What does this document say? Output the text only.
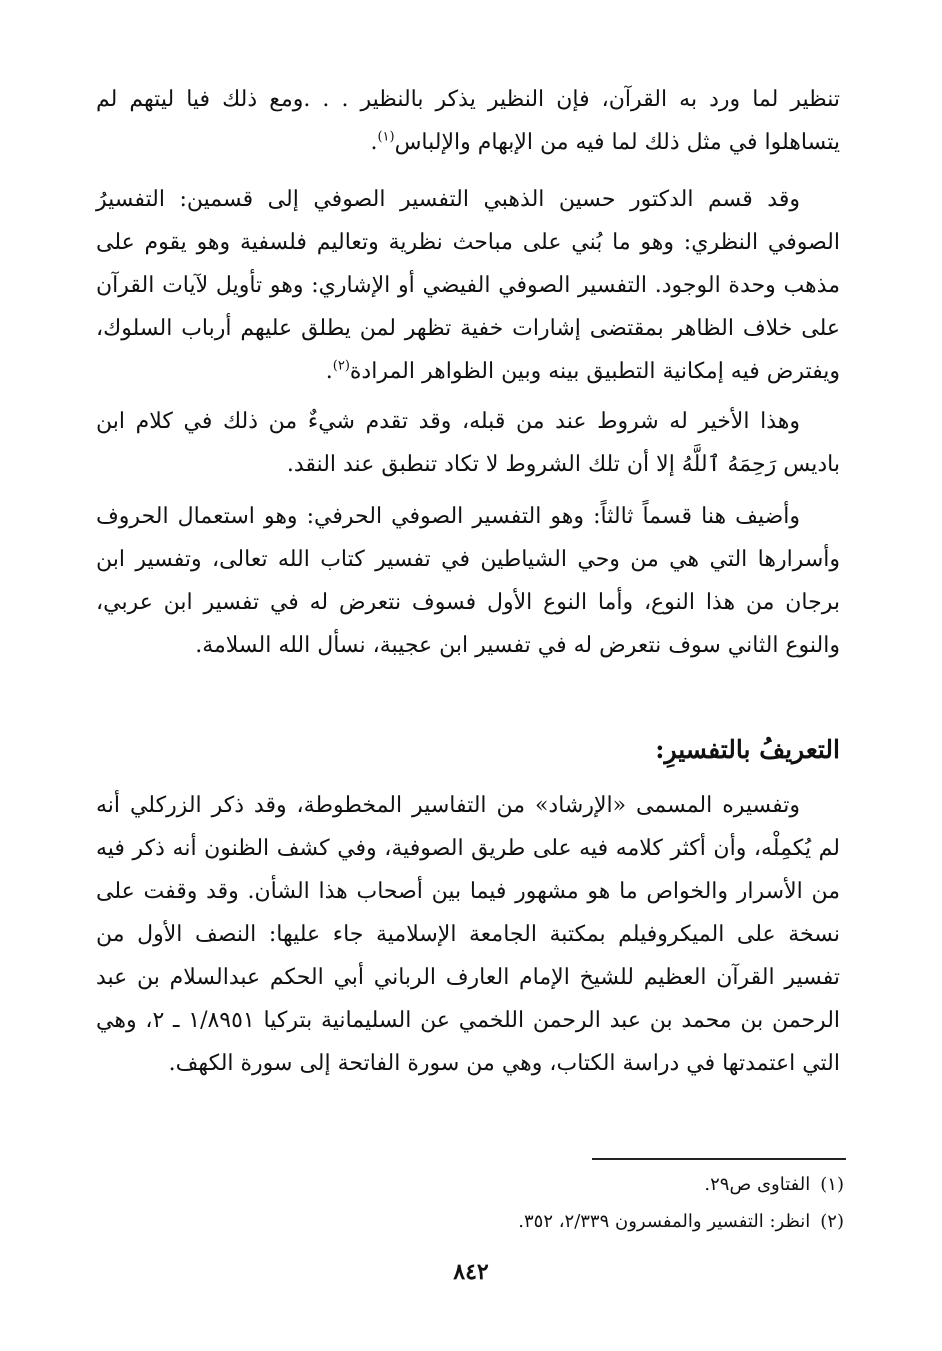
تنظير لما ورد به القرآن، فإن النظير يذكر بالنظير . . .ومع ذلك فيا ليتهم لم يتساهلوا في مثل ذلك لما فيه من الإبهام والإلباس$^{(١)}$.

وقد قسم الدكتور حسين الذهبي التفسير الصوفي إلى قسمين: التفسيرُ الصوفي النظري: وهو ما بُني على مباحث نظرية وتعاليم فلسفية وهو يقوم على مذهب وحدة الوجود. التفسير الصوفي الفيضي أو الإشاري: وهو تأويل لآيات القرآن على خلاف الظاهر بمقتضى إشارات خفية تظهر لمن يطلق عليهم أرباب السلوك، ويفترض فيه إمكانية التطبيق بينه وبين الظواهر المرادة$^{(٢)}$.

وهذا الأخير له شروط عند من قبله، وقد تقدم شيءٌ من ذلك في كلام ابن باديس رَحِمَهُ ٱللَّهُ إلا أن تلك الشروط لا تكاد تنطبق عند النقد.

وأضيف هنا قسماً ثالثاً: وهو التفسير الصوفي الحرفي: وهو استعمال الحروف وأسرارها التي هي من وحي الشياطين في تفسير كتاب الله تعالى، وتفسير ابن برجان من هذا النوع، وأما النوع الأول فسوف نتعرض له في تفسير ابن عربي، والنوع الثاني سوف نتعرض له في تفسير ابن عجيبة، نسأل الله السلامة.

التعريفُ بالتفسيرِ:

وتفسيره المسمى «الإرشاد» من التفاسير المخطوطة، وقد ذكر الزركلي أنه لم يُكمِلْه، وأن أكثر كلامه فيه على طريق الصوفية، وفي كشف الظنون أنه ذكر فيه من الأسرار والخواص ما هو مشهور فيما بين أصحاب هذا الشأن. وقد وقفت على نسخة على الميكروفيلم بمكتبة الجامعة الإسلامية جاء عليها: النصف الأول من تفسير القرآن العظيم للشيخ الإمام العارف الرباني أبي الحكم عبدالسلام بن عبد الرحمن بن محمد بن عبد الرحمن اللخمي عن السليمانية بتركيا ١/٨٩٥١ ـ ٢، وهي التي اعتمدتها في دراسة الكتاب، وهي من سورة الفاتحة إلى سورة الكهف.

(١)الفتاوى ص٢٩.
(٢)انظر: التفسير والمفسرون ٢/٣٣٩، ٣٥٢.
٨٤٢
